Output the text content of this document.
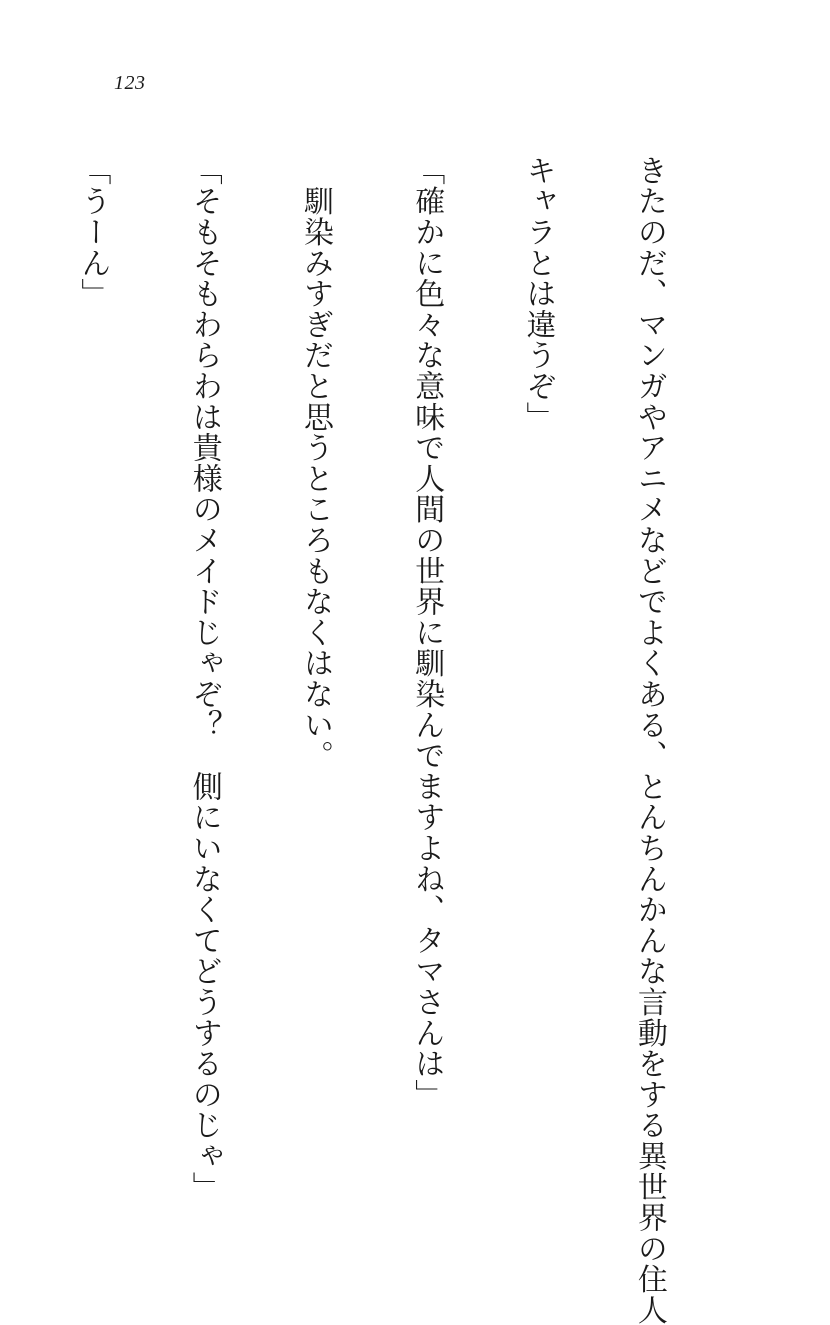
123

きたのだ、マンガやアニメなどでよくある、とんちんかんな言動をする異世界の住人

キャラとは違うぞ」

「確かに色々な意味で人間の世界に馴染んでますよね、タマさんは」

　馴染みすぎだと思うところもなくはない。

「そもそもわらわは貴様のメイドじゃぞ？　側にいなくてどうするのじゃ」

「うーん」
